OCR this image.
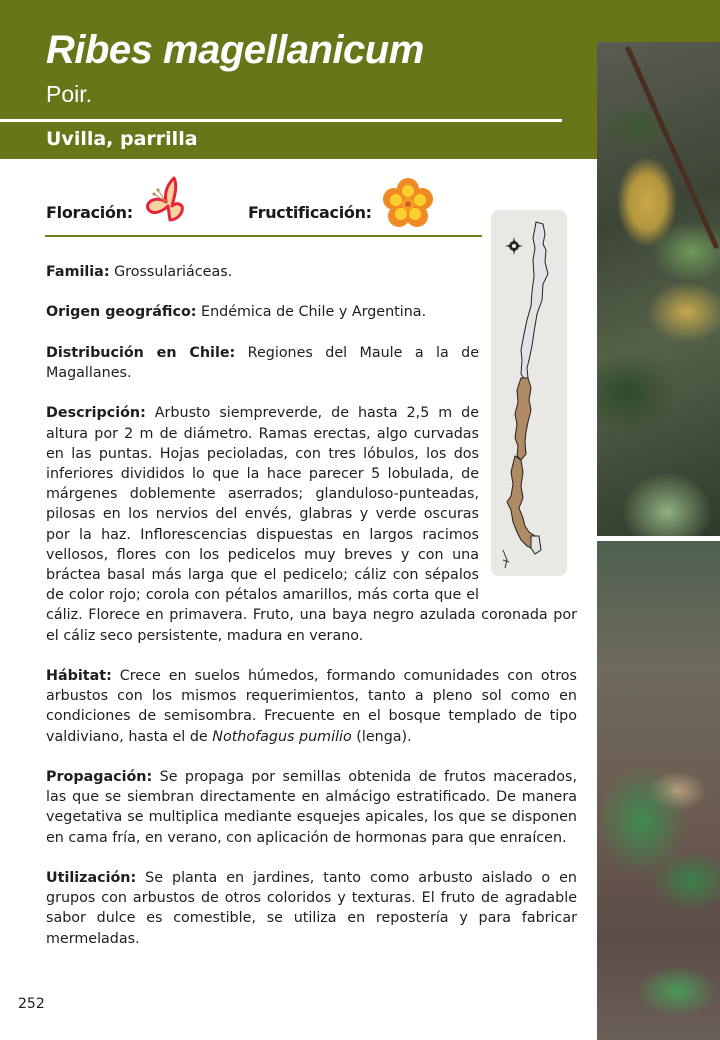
Ribes magellanicum
Poir.
Uvilla, parrilla
Floración:	Fructificación:

Familia: Grossulariáceas.

Origen geográfico: Endémica de Chile y Argentina.

Distribución en Chile: Regiones del Maule a la de Magallanes.

Descripción: Arbusto siempreverde, de hasta 2,5 m de altura por 2 m de diámetro. Ramas erectas, algo curvadas en las puntas. Hojas pecioladas, con tres lóbulos, los dos inferiores divididos lo que la hace parecer 5 lobulada, de márgenes doblemente aserrados; glanduloso-punteadas, pilosas en los nervios del envés, glabras y verde oscuras por la haz. Inflorescencias dispuestas en largos racimos vellosos, flores con los pedicelos muy breves y con una bráctea basal más larga que el pedicelo; cáliz con sépalos de color rojo; corola con pétalos amarillos, más corta que el cáliz. Florece en primavera. Fruto, una baya negro azulada coronada por el cáliz seco persistente, madura en verano.

Hábitat: Crece en suelos húmedos, formando comunidades con otros arbustos con los mismos requerimientos, tanto a pleno sol como en condiciones de semisombra. Frecuente en el bosque templado de tipo valdiviano, hasta el de Nothofagus pumilio (lenga).

Propagación: Se propaga por semillas obtenida de frutos macerados, las que se siembran directamente en almácigo estratificado. De manera vegetativa se multiplica mediante esquejes apicales, los que se disponen en cama fría, en verano, con aplicación de hormonas para que enraícen.

Utilización: Se planta en jardines, tanto como arbusto aislado o en grupos con arbustos de otros coloridos y texturas. El fruto de agradable sabor dulce es comestible, se utiliza en repostería y para fabricar mermeladas.

252
